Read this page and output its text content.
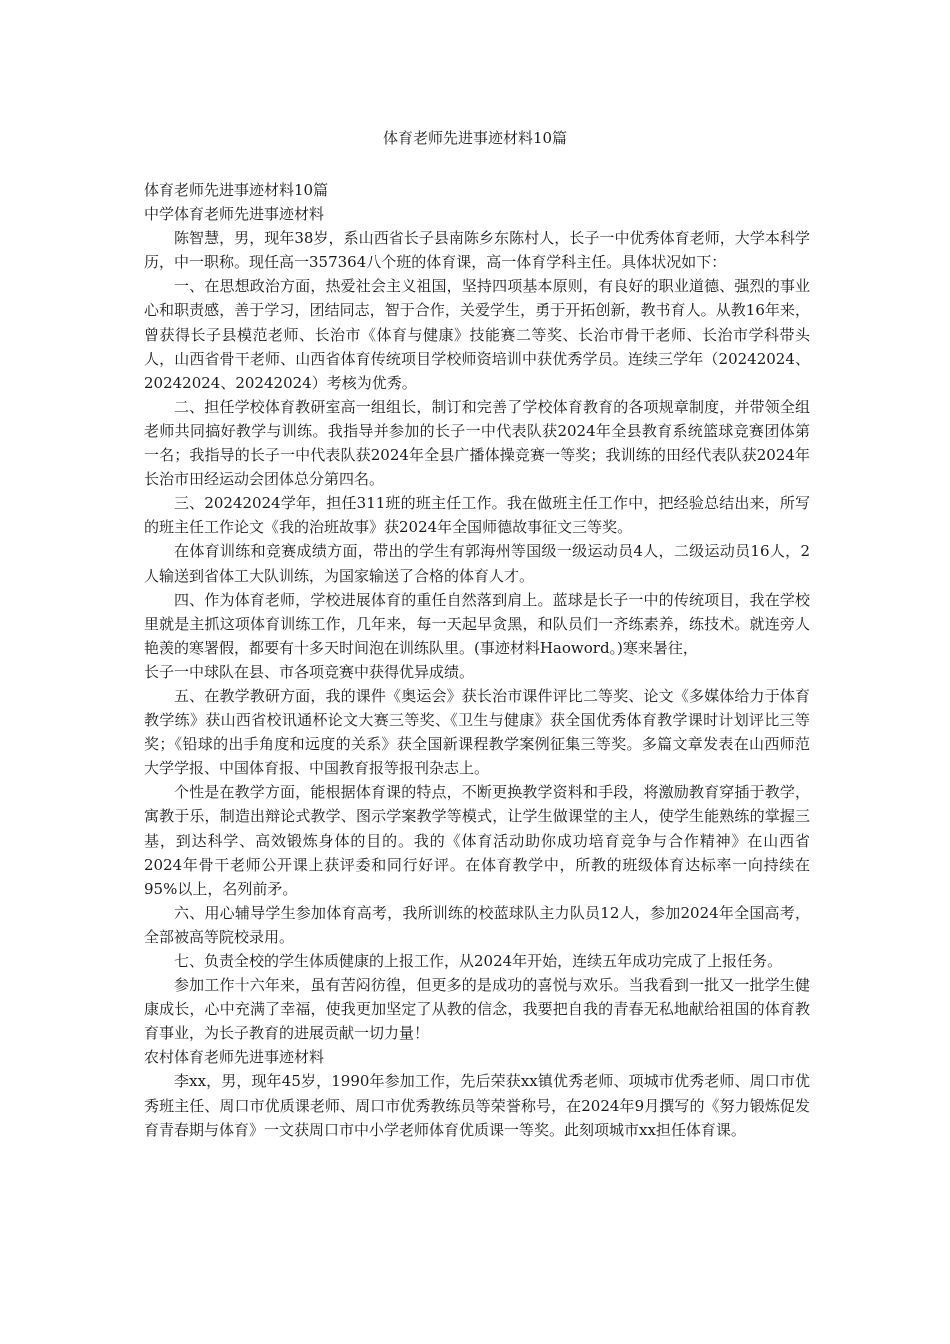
体育老师先进事迹材料10篇

体育老师先进事迹材料10篇

中学体育老师先进事迹材料

陈智慧，男，现年38岁，系山西省长子县南陈乡东陈村人，长子一中优秀体育老师，大学本科学历，中一职称。现任高一357364八个班的体育课，高一体育学科主任。具体状况如下：

一、在思想政治方面，热爱社会主义祖国，坚持四项基本原则，有良好的职业道德、强烈的事业心和职责感，善于学习，团结同志，智于合作，关爱学生，勇于开拓创新，教书育人。从教16年来，曾获得长子县模范老师、长治市《体育与健康》技能赛二等奖、长治市骨干老师、长治市学科带头人，山西省骨干老师、山西省体育传统项目学校师资培训中获优秀学员。连续三学年（20242024、20242024、20242024）考核为优秀。

二、担任学校体育教研室高一组组长，制订和完善了学校体育教育的各项规章制度，并带领全组老师共同搞好教学与训练。我指导并参加的长子一中代表队获2024年全县教育系统篮球竞赛团体第一名；我指导的长子一中代表队获2024年全县广播体操竞赛一等奖；我训练的田经代表队获2024年长治市田经运动会团体总分第四名。

三、20242024学年，担任311班的班主任工作。我在做班主任工作中，把经验总结出来，所写的班主任工作论文《我的治班故事》获2024年全国师德故事征文三等奖。

在体育训练和竞赛成绩方面，带出的学生有郭海州等国级一级运动员4人，二级运动员16人，2人输送到省体工大队训练，为国家输送了合格的体育人才。

四、作为体育老师，学校进展体育的重任自然落到肩上。蓝球是长子一中的传统项目，我在学校里就是主抓这项体育训练工作，几年来，每一天起早贪黑，和队员们一齐练素养，练技术。就连旁人艳羡的寒署假，都要有十多天时间泡在训练队里。(事迹材料Haoword。)寒来暑往，

长子一中球队在县、市各项竞赛中获得优异成绩。

五、在教学教研方面，我的课件《奥运会》获长治市课件评比二等奖、论文《多媒体给力于体育教学练》获山西省校讯通杯论文大赛三等奖、《卫生与健康》获全国优秀体育教学课时计划评比三等奖；《铅球的出手角度和远度的关系》获全国新课程教学案例征集三等奖。多篇文章发表在山西师范大学学报、中国体育报、中国教育报等报刊杂志上。

个性是在教学方面，能根据体育课的特点，不断更换教学资料和手段，将激励教育穿插于教学，寓教于乐，制造出辩论式教学、图示学案教学等模式，让学生做课堂的主人，使学生能熟练的掌握三基，到达科学、高效锻炼身体的目的。我的《体育活动助你成功培育竞争与合作精神》在山西省2024年骨干老师公开课上获评委和同行好评。在体育教学中，所教的班级体育达标率一向持续在95%以上，名列前矛。

六、用心辅导学生参加体育高考，我所训练的校蓝球队主力队员12人，参加2024年全国高考，全部被高等院校录用。

七、负责全校的学生体质健康的上报工作，从2024年开始，连续五年成功完成了上报任务。

参加工作十六年来，虽有苦闷彷徨，但更多的是成功的喜悦与欢乐。当我看到一批又一批学生健康成长，心中充满了幸福，使我更加坚定了从教的信念，我要把自我的青春无私地献给祖国的体育教育事业，为长子教育的进展贡献一切力量！

农村体育老师先进事迹材料

李xx，男，现年45岁，1990年参加工作，先后荣获xx镇优秀老师、项城市优秀老师、周口市优秀班主任、周口市优质课老师、周口市优秀教练员等荣誉称号，在2024年9月撰写的《努力锻炼促发育青春期与体育》一文获周口市中小学老师体育优质课一等奖。此刻项城市xx担任体育课。
